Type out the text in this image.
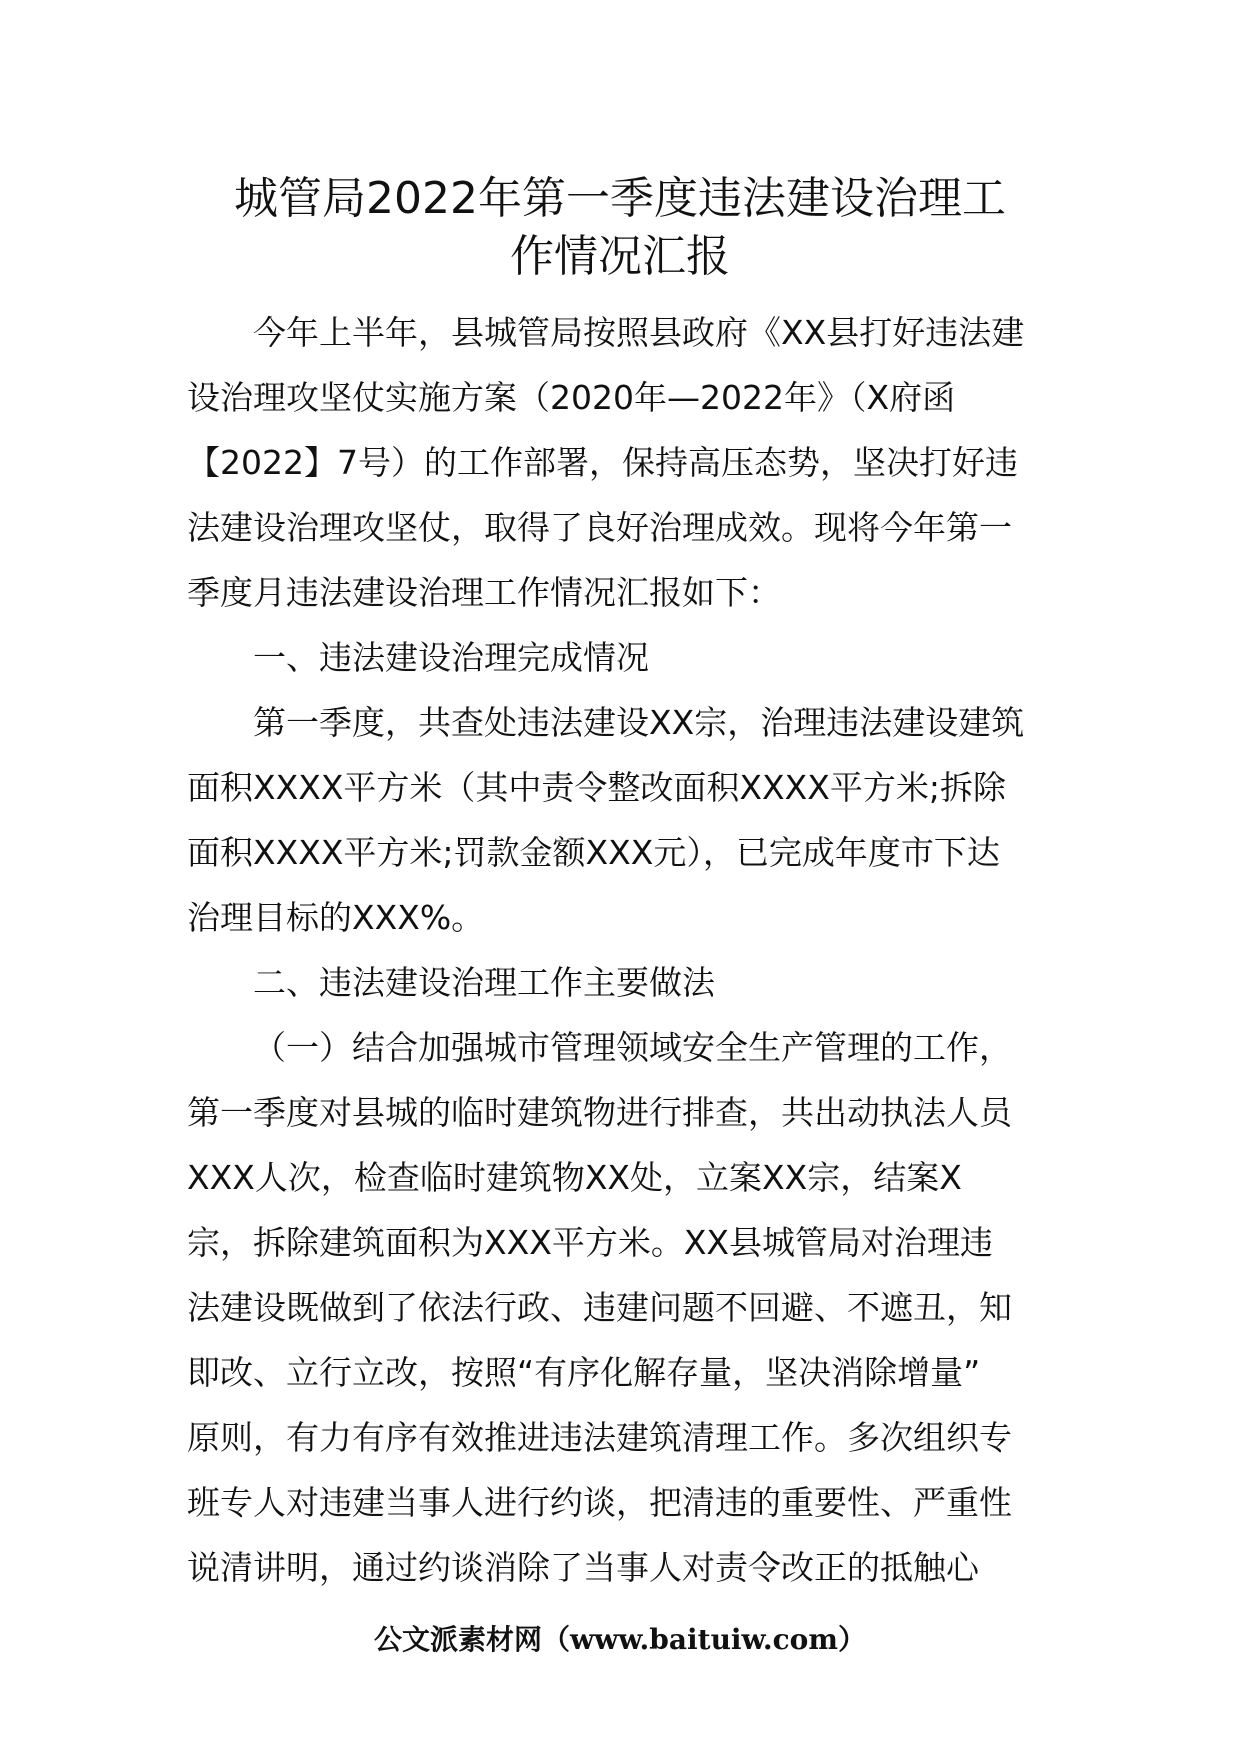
城管局2022年第一季度违法建设治理工
作情况汇报
今年上半年，县城管局按照县政府《XX县打好违法建
设治理攻坚仗实施方案（2020年—2022年》（X府函
【2022】7号）的工作部署，保持高压态势，坚决打好违
法建设治理攻坚仗，取得了良好治理成效。现将今年第一
季度月违法建设治理工作情况汇报如下：
一、违法建设治理完成情况
第一季度，共查处违法建设XX宗，治理违法建设建筑
面积XXXX平方米（其中责令整改面积XXXX平方米;拆除
面积XXXX平方米;罚款金额XXX元），已完成年度市下达
治理目标的XXX%。
二、违法建设治理工作主要做法
（一）结合加强城市管理领域安全生产管理的工作，
第一季度对县城的临时建筑物进行排查，共出动执法人员
XXX人次，检查临时建筑物XX处，立案XX宗，结案X
宗，拆除建筑面积为XXX平方米。XX县城管局对治理违
法建设既做到了依法行政、违建问题不回避、不遮丑，知
即改、立行立改，按照“有序化解存量，坚决消除增量”
原则，有力有序有效推进违法建筑清理工作。多次组织专
班专人对违建当事人进行约谈，把清违的重要性、严重性
说清讲明，通过约谈消除了当事人对责令改正的抵触心
公文派素材网（www.baituiw.com）
